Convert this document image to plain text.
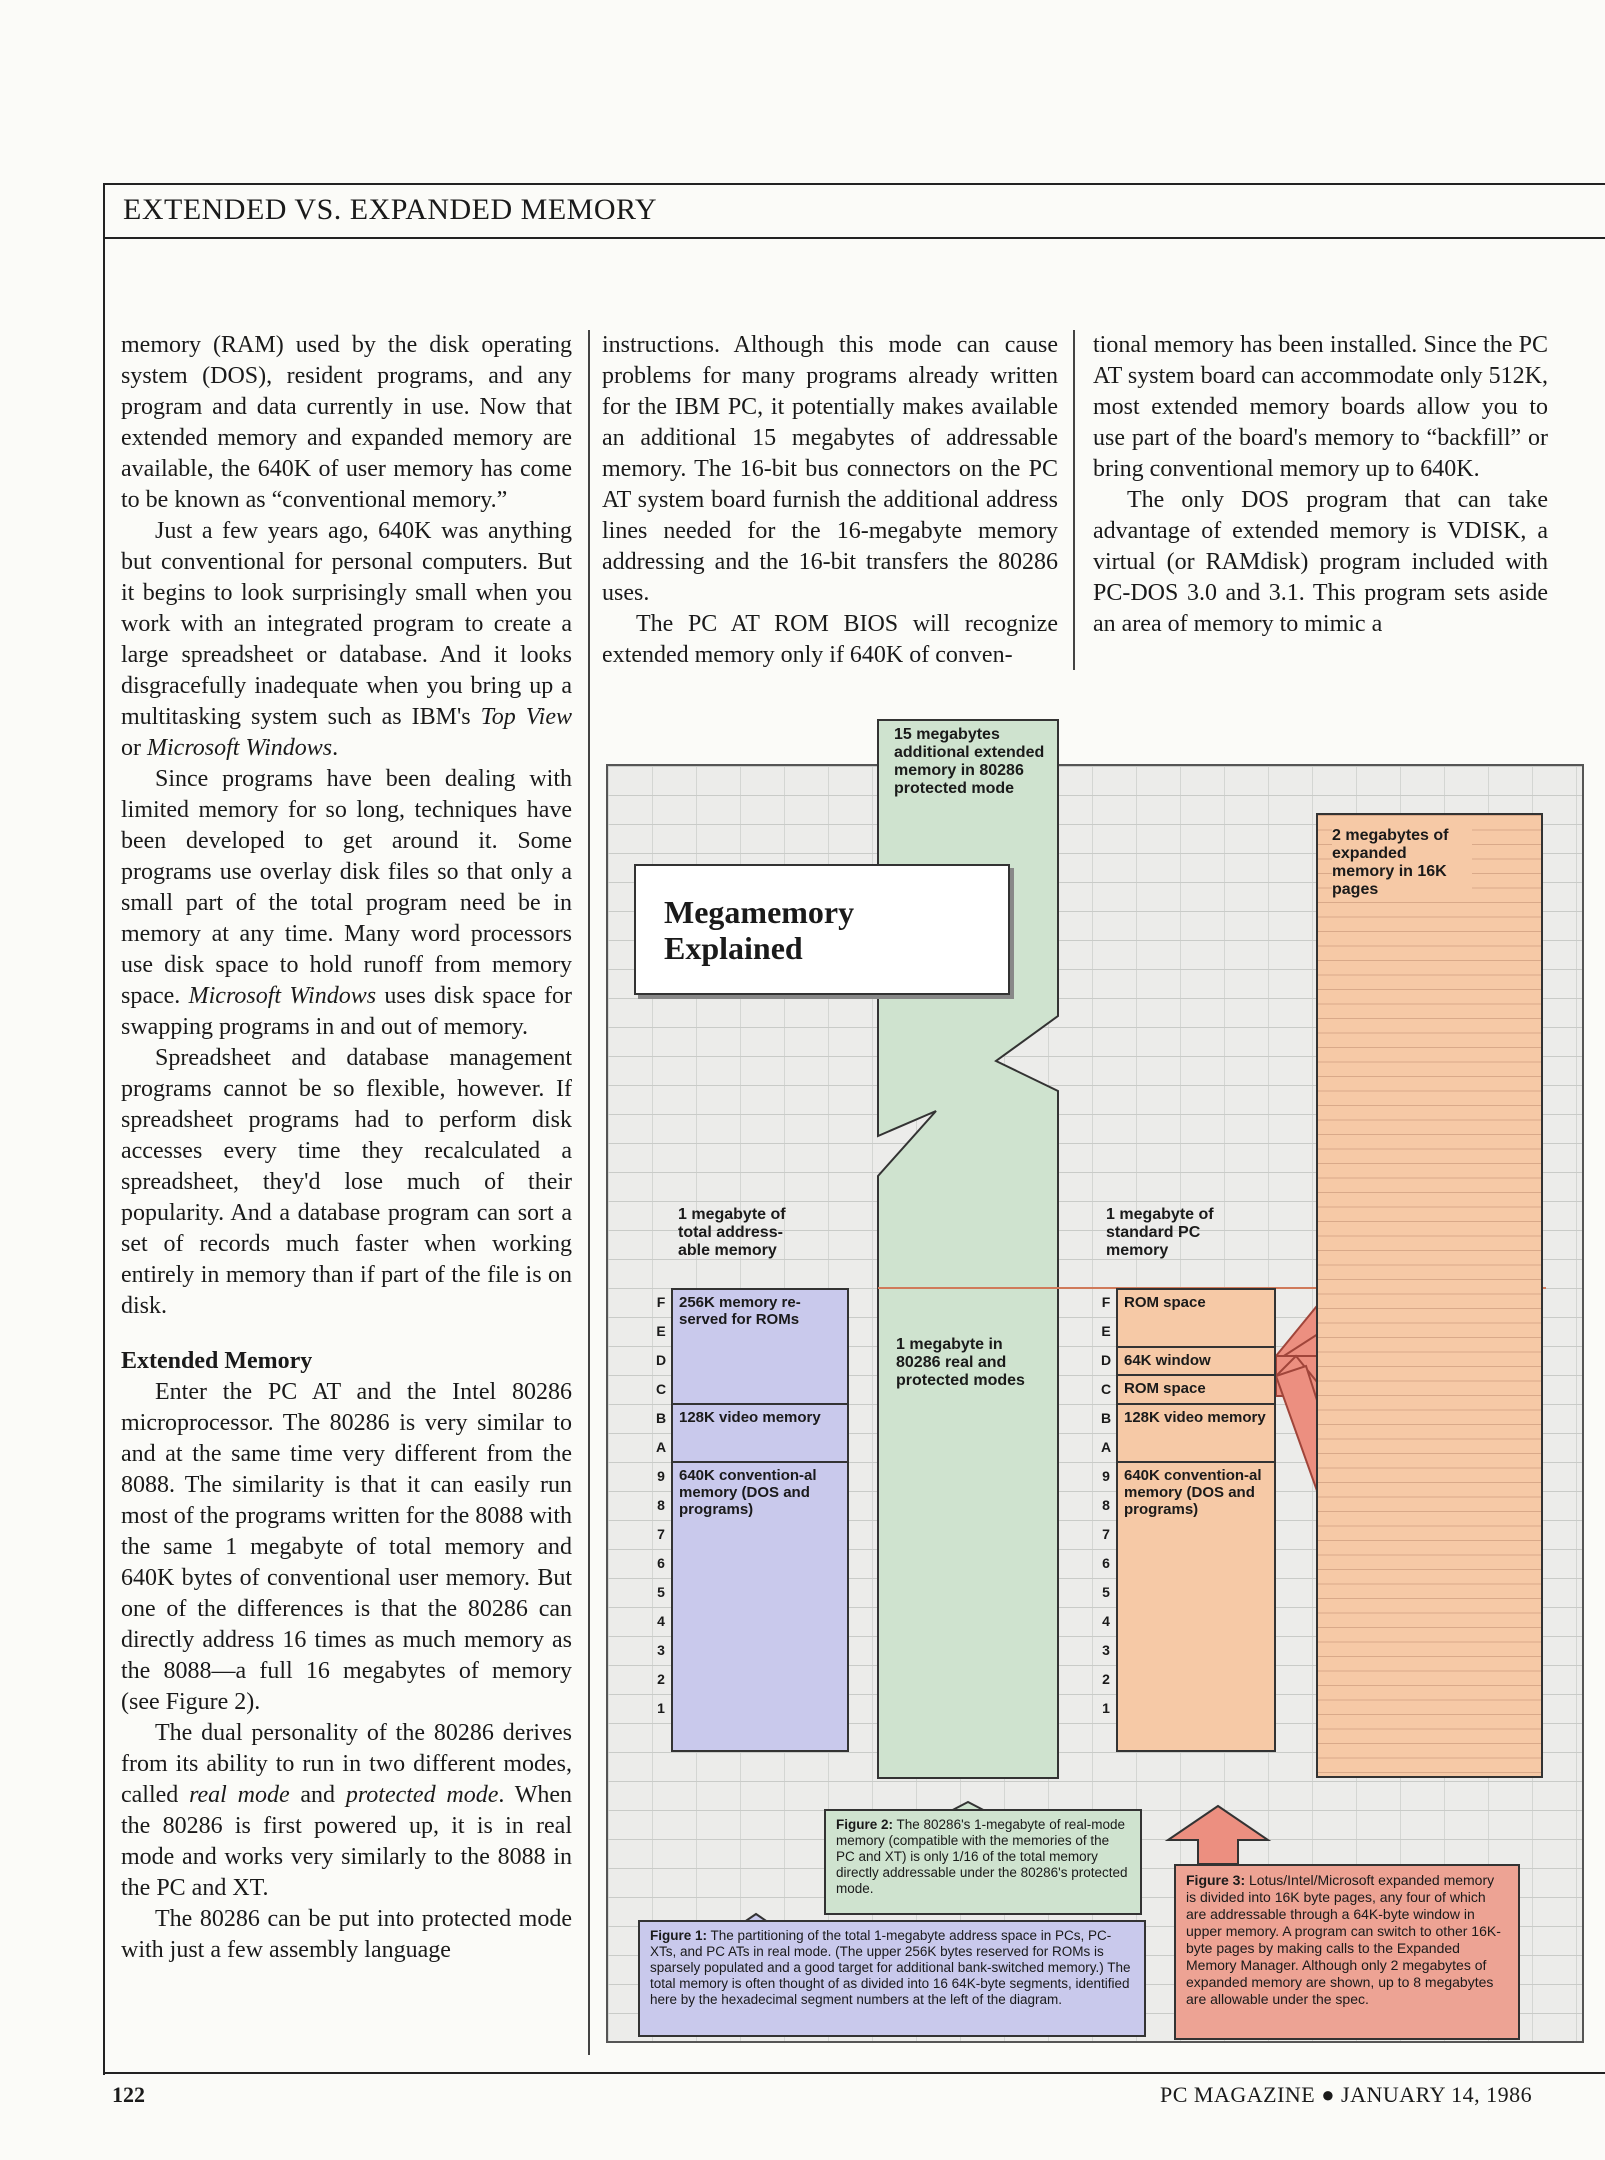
EXTENDED VS. EXPANDED MEMORY

memory (RAM) used by the disk operating system (DOS), resident programs, and any program and data currently in use. Now that extended memory and expanded memory are available, the 640K of user memory has come to be known as “conventional memory.”

Just a few years ago, 640K was anything but conventional for personal computers. But it begins to look surprisingly small when you work with an integrated program to create a large spreadsheet or database. And it looks disgracefully inadequate when you bring up a multitasking system such as IBM's Top View or Microsoft Windows.

Since programs have been dealing with limited memory for so long, techniques have been developed to get around it. Some programs use overlay disk files so that only a small part of the total program need be in memory at any time. Many word processors use disk space to hold runoff from memory space. Microsoft Windows uses disk space for swapping programs in and out of memory.

Spreadsheet and database management programs cannot be so flexible, however. If spreadsheet programs had to perform disk accesses every time they recalculated a spreadsheet, they'd lose much of their popularity. And a database program can sort a set of records much faster when working entirely in memory than if part of the file is on disk.

Extended Memory

Enter the PC AT and the Intel 80286 microprocessor. The 80286 is very similar to and at the same time very different from the 8088. The similarity is that it can easily run most of the programs written for the 8088 with the same 1 megabyte of total memory and 640K bytes of conventional user memory. But one of the differences is that the 80286 can directly address 16 times as much memory as the 8088—a full 16 megabytes of memory (see Figure 2).

The dual personality of the 80286 derives from its ability to run in two different modes, called real mode and protected mode. When the 80286 is first powered up, it is in real mode and works very similarly to the 8088 in the PC and XT.

The 80286 can be put into protected mode with just a few assembly language

instructions. Although this mode can cause problems for many programs already written for the IBM PC, it potentially makes available an additional 15 megabytes of addressable memory. The 16-bit bus connectors on the PC AT system board furnish the additional address lines needed for the 16-megabyte memory addressing and the 16-bit transfers the 80286 uses.

The PC AT ROM BIOS will recognize extended memory only if 640K of conven-

tional memory has been installed. Since the PC AT system board can accommodate only 512K, most extended memory boards allow you to use part of the board's memory to “backfill” or bring conventional memory up to 640K.

The only DOS program that can take advantage of extended memory is VDISK, a virtual (or RAMdisk) program included with PC-DOS 3.0 and 3.1. This program sets aside an area of memory to mimic a

15 megabytes additional extended memory in 80286 protected mode
1 megabyte in 80286 real and protected modes
Megamemory
Explained
2 megabytes of expanded memory in 16K pages
1 megabyte of total address-able memory
1 megabyte of standard PC memory
F
E
D
C
B
A
9
8
7
6
5
4
3
2
1
F
E
D
C
B
A
9
8
7
6
5
4
3
2
1
256K memory re-served for ROMs
128K video memory
640K convention-al memory (DOS and programs)
ROM space
64K window
ROM space
128K video memory
640K convention-al memory (DOS and programs)
Figure 2: The 80286's 1-megabyte of real-mode memory (compatible with the memories of the PC and XT) is only 1/16 of the total memory directly addressable under the 80286's protected mode.
Figure 1: The partitioning of the total 1-megabyte address space in PCs, PC-XTs, and PC ATs in real mode. (The upper 256K bytes reserved for ROMs is sparsely populated and a good target for additional bank-switched memory.) The total memory is often thought of as divided into 16 64K-byte segments, identified here by the hexadecimal segment numbers at the left of the diagram.
Figure 3: Lotus/Intel/Microsoft expanded memory is divided into 16K byte pages, any four of which are addressable through a 64K-byte window in upper memory. A program can switch to other 16K-byte pages by making calls to the Expanded Memory Manager. Although only 2 megabytes of expanded memory are shown, up to 8 megabytes are allowable under the spec.
122	PC MAGAZINE ● JANUARY 14, 1986
